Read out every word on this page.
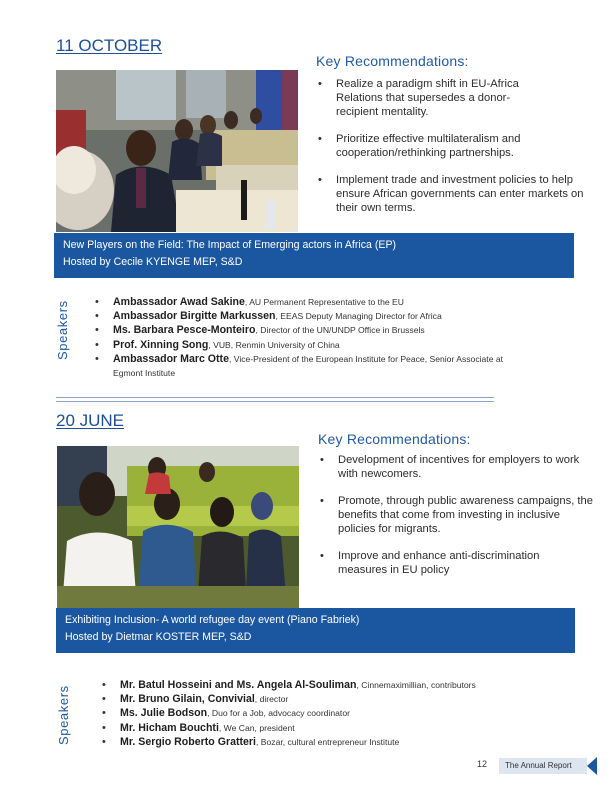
11 OCTOBER
Key Recommendations:
• Realize a paradigm shift in EU-Africa Relations that supersedes a donor-recipient mentality.
• Prioritize effective multilateralism and cooperation/rethinking partnerships.
• Implement trade and investment policies to help ensure African governments can enter markets on their own terms.
New Players on the Field: The Impact of Emerging actors in Africa (EP)
Hosted by Cecile KYENGE MEP, S&D
Speakers	• Ambassador Awad Sakine, AU Permanent Representative to the EU
• Ambassador Birgitte Markussen, EEAS Deputy Managing Director for Africa
• Ms. Barbara Pesce-Monteiro, Director of the UN/UNDP Office in Brussels
• Prof. Xinning Song, VUB, Renmin University of China
• Ambassador Marc Otte, Vice-President of the European Institute for Peace, Senior Associate at Egmont Institute
20 JUNE
Key Recommendations:
• Development of incentives for employers to work with newcomers.
• Promote, through public awareness campaigns, the benefits that come from investing in inclusive policies for migrants.
• Improve and enhance anti-discrimination measures in EU policy
Exhibiting Inclusion- A world refugee day event (Piano Fabriek)
Hosted by Dietmar KOSTER MEP, S&D
Speakers
• Mr. Batul Hosseini and Ms. Angela Al-Souliman, Cinnemaximillian, contributors
• Mr. Bruno Gilain, Convivial, director
• Ms. Julie Bodson, Duo for a Job, advocacy coordinator
• Mr. Hicham Bouchti, We Can, president
• Mr. Sergio Roberto Gratteri, Bozar, cultural entrepreneur Institute
12	The Annual Report
